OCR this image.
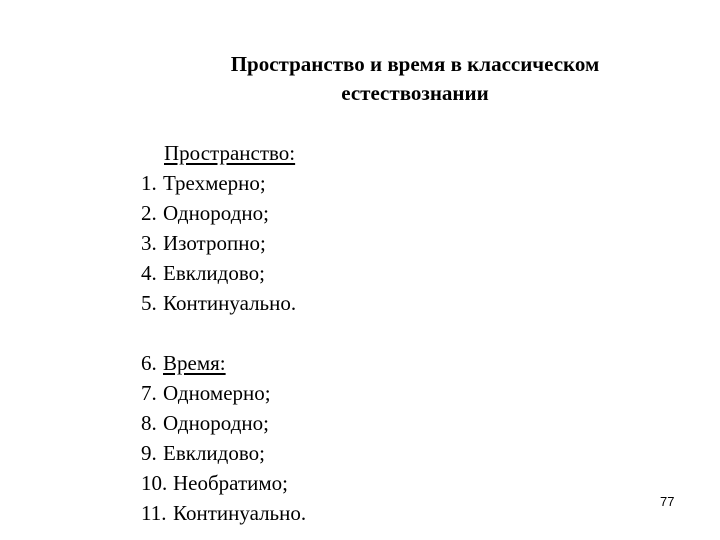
Пространство и время в классическом
естествознании
Пространство:
1. Трехмерно;
2. Однородно;
3. Изотропно;
4. Евклидово;
5. Континуально.
6. Время:
7. Одномерно;
8. Однородно;
9. Евклидово;
10. Необратимо;
11. Континуально.	77
